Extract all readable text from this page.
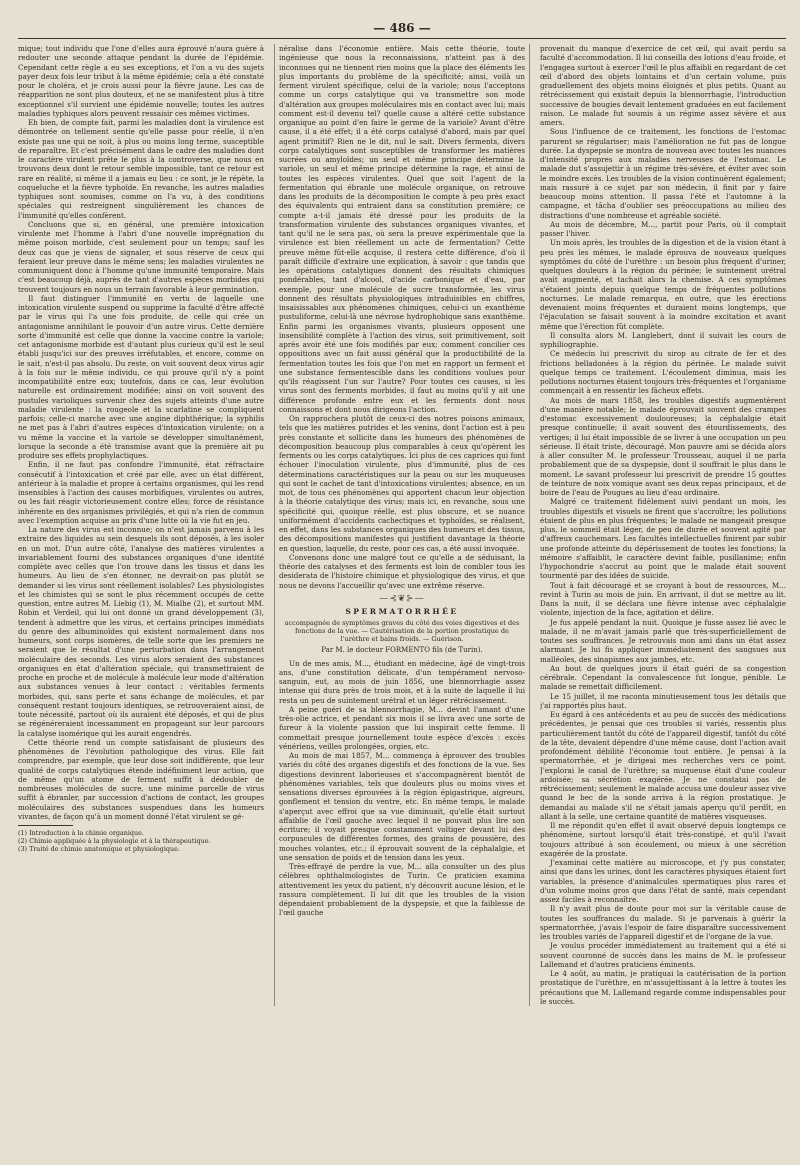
— 486 —

mique; tout individu que l'one d'elles aura éprouvé n'aura guère à redouter une seconde attaque pendant la durée de l'épidémie. Cependant cette règle a eu ses exceptions, et l'on a vu des sujets payer deux fois leur tribut à la même épidémie; cela a été constaté pour le choléra, et je crois aussi pour la fièvre jaune. Les cas de réapparition ne sont plus douteux, et ne se manifestent plus à titre exceptionnel s'il survient une épidémie nouvelle; toutes les autres maladies typhiques alors peuvent ressaisir ces mêmes victimes.

Eh bien, de compte fait, parmi les maladies dont la virulence est démontrée on tellement sentie qu'elle passe pour réelle, il n'en existe pas une qui ne soit, à plus ou moins long terme, susceptible de reparaître. Et c'est précisément dans le cadre des maladies dont le caractère virulent prête le plus à la controverse, que nous en trouvons deux dont le retour semble impossible, tant ce retour est rare en réalité, si même il a jamais eu lieu : ce sont, je le répète, la coqueluche et la fièvre typhoïde. En revanche, les autres maladies typhiques sont soumises, comme on l'a vu, à des conditions spéciales qui restreignent singulièrement les chances de l'immunité qu'elles confèrent.

Concluons que si, en général, une première intoxication virulente met l'homme à l'abri d'une nouvelle imprégnation du même poison morbide, c'est seulement pour un temps; sauf les deux cas que je viens de signaler, et sous réserve de ceux qui feraient leur preuve dans le même sens; les maladies virulentes ne communiquent donc à l'homme qu'une immunité temporaire. Mais c'est beaucoup déjà, auprès de tant d'autres espèces morbides qui trouvent toujours en nous un terrain favorable à leur germination.

Il faut distinguer l'immunité en vertu de laquelle une intoxication virulente suspend ou supprime la faculté d'être affecté par le virus qui l'a une fois produite, de celle qui crée un antagonisme annihilant le pouvoir d'un autre virus. Cette dernière sorte d'immunité est celle que donne la vaccine contre la variole; cet antagonisme morbide est d'autant plus curieux qu'il est le seul établi jusqu'ici sur des preuves irréfutables, et encore, comme on le sait, n'est-il pas absolu. Du reste, on voit souvent deux virus agir à la fois sur le même individu, ce qui prouve qu'il n'y a point incompatibilité entre eux; toutefois, dans ce cas, leur évolution naturelle est ordinairement modifiée; ainsi on voit souvent des pustules varioliques survenir chez des sujets atteints d'une autre maladie virulente : la rougeole et la scarlatine se compliquent parfois; celle-ci marche avec une angine diphthérique; la syphilis ne met pas à l'abri d'autres espèces d'intoxication virulente; on a vu même la vaccine et la variole se développer simultanément, lorsque la seconde a été transmise avant que la première ait pu produire ses effets prophylactiques.

Enfin, il ne faut pas confondre l'immunité, état réfractaire consécutif à l'intoxication et créé par elle, avec un état différent, antérieur à la maladie et propre à certains organismes, qui les rend insensibles à l'action des causes morbifiques, virulentes ou autres, ou les fait réagir victorieusement contre elles; force de résistance inhérente en des organismes privilégiés, et qui n'a rien de commun avec l'exemption acquise au prix d'une lutte où la vie fut en jeu.

La nature des virus est inconnue; on n'est jamais parvenu à les extraire des liquides au sein desquels ils sont déposés, à les isoler en un mot. D'un autre côté, l'analyse des matières virulentes a invariablement fourni des substances organiques d'une identité complète avec celles que l'on trouve dans les tissus et dans les humeurs. Au lieu de s'en étonner, ne devrait-on pas plutôt se demander si les virus sont réellement isolables? Les physiologistes et les chimistes qui se sont le plus récemment occupés de cette question, entre autres M. Liebig (1), M. Mialhe (2), et surtout MM. Robin et Verdeil, qui lui ont donné un grand développement (3), tendent à admettre que les virus, et certains principes immédiats du genre des albuminoïdes qui existent normalement dans nos humeurs, sont corps isomères, de telle sorte que les premiers ne seraient que le résultat d'une perturbation dans l'arrangement moléculaire des seconds. Les virus alors seraient des substances organiques en état d'altération spéciale, qui transmettraient de proche en proche et de molécule à molécule leur mode d'altération aux substances venues à leur contact : véritables ferments morbides, qui, sans perte et sans échange de molécules, et par conséquent restant toujours identiques, se retrouveraient ainsi, de toute nécessité, partout où ils auraient été déposés, et qui de plus se régénéreraient incessamment en propageant sur leur parcours la catalyse isomérique qui les aurait engendrés.

Cette théorie rend un compte satisfaisant de plusieurs des phénomènes de l'évolution pathologique des virus. Elle fait comprendre, par exemple, que leur dose soit indifférente, que leur qualité de corps catalytiques étende indéfiniment leur action, que de même qu'un atome de ferment suffit à dédoubler de nombreuses molécules de sucre, une minime parcelle de virus suffit à ébranler, par succession d'actions de contact, les groupes moléculaires des substances suspendues dans les humeurs vivantes, de façon qu'à un moment donné l'état virulent se gé-

(1) Introduction à la chimie organique.
(2) Chimie appliquée à la physiologie et à la thérapeutique.
(3) Traité de chimie anatomique et physiologique.

néralise dans l'économie entière. Mais cette théorie, toute ingénieuse que nous la reconnaissions, n'atteint pas à des inconnues qui ne tiennent rien moins que la place des éléments les plus importants du problème de la spécificité; ainsi, voilà un ferment virulent spécifique, celui de la variole; nous l'acceptons comme un corps catalytique qui va transmettre son mode d'altération aux groupes moléculaires mis en contact avec lui; mais comment est-il devenu tel? quelle cause a altéré cette substance organique au point d'en faire le germe de la variole? Avant d'être cause, il a été effet; il a été corps catalysé d'abord, mais par quel agent primitif? Rien ne le dit, nul le sait. Divers ferments, divers corps catalytiques sont susceptibles de transformer les matières sucrées ou amyloïdes; un seul et même principe détermine la variole, un seul et même principe détermine la rage, et ainsi de toutes les espèces virulentes. Quel que soit l'agent de la fermentation qui ébranle une molécule organique, on retrouve dans les produits de la décomposition le compte à peu près exact des équivalents qui entraient dans sa constitution première; ce compte a-t-il jamais été dressé pour les produits de la transformation virulente des substances organiques vivantes, et tant qu'il ne le sera pas, où sera la preuve expérimentale que la virulence est bien réellement un acte de fermentation? Cette preuve même fût-elle acquise, il restera cette différence, d'où il paraît difficile d'extraire une explication, à savoir : que tandis que les opérations catalytiques donnent des résultats chimiques pondérables, tant d'alcool, d'acide carbonique et d'eau, par exemple, pour une molécule de sucre transformée, les virus donnent des résultats physiologiques intraduisibles en chiffres, insaisissables aux phénomènes chimiques, celui-ci un exanthème pustuliforme, celui-là une névrose hydrophobique sans exanthème. Enfin parmi les organismes vivants, plusieurs opposent une insensibilité complète à l'action des virus, soit primitivement, soit après avoir été une fois modifiés par eux; comment concilier ces oppositions avec un fait aussi général que la productibilité de la fermentation toutes les fois que l'on met en rapport un ferment et une substance fermentescible dans les conditions voulues pour qu'ils réagissent l'un sur l'autre? Pour toutes ces causes, si les virus sont des ferments morbides, il faut au moins qu'il y ait une différence profonde entre eux et les ferments dont nous connaissons et dont nous dirigeons l'action.

On rapprochera plutôt de ceux-ci des notres poisons animaux, tels que les matières putrides et les venins, dont l'action est à peu près constante et sollicite dans les humeurs des phénomènes de décomposition beaucoup plus comparables à ceux qu'opèrent les ferments ou les corps catalytiques. Ici plus de ces caprices qui font échouer l'inoculation virulente, plus d'immunité, plus de ces déterminations caractéristiques sur la peau ou sur les muqueuses qui sont le cachet de tant d'intoxications virulentes; absence, en un mot, de tous ces phénomènes qui apportent chacun leur objection à la théorie catalytique des virus; mais ici, en revanche, sous une spécificité qui, quoique réelle, est plus obscure, et se nuance uniformément d'accidents cachectiques et typhoïdes, se réalisent, en effet, dans les substances organiques des humeurs et des tissus, des décompositions manifestes qui justifient davantage la théorie en question, laquelle, du reste, pour ces cas, a été aussi invoquée.

Convenons donc une malgré tout ce qu'elle a de séduisant, la théorie des catalyses et des ferments est loin de combler tous les desiderata de l'histoire chimique et physiologique des virus, et que nous ne devons l'accueillir qu'avec une extrême réserve.

—⊰❦⊱—
SPERMATORRHÉE
accompagnée de symptômes graves du côté des voies digestives et des fonctions de la vue. — Cautérisation de la portion prostatique de l'urèthre et bains froids. — Guérison.
Par M. le docteur FORMENTO fils (de Turin).

Un de mes amis, M..., étudiant en médecine, âgé de vingt-trois ans, d'une constitution délicate, d'un tempérament nervoso-sanguin, eut, au mois de juin 1856, une blennorrhagie assez intense qui dura près de trois mois, et à la suite de laquelle il lui resta un peu de suintement urétral et un léger rétrécissement.

A peine guéri de sa blennorrhagie, M... devint l'amant d'une très-olie actrice, et pendant six mois il se livra avec une sorte de fureur à la violente passion que lui inspirait cette femme. Il commettait presque journellement toute espèce d'excès : excès vénériens, veilles prolongées, orgies, etc.

Au mois de mai 1857, M... commença à éprouver des troubles variés du côté des organes digestifs et des fonctions de la vue. Ses digestions devinrent laborieuses et s'accompagnèrent bientôt de phénomènes variables, tels que douleurs plus ou moins vives et sensations diverses éprouvées à la région épigastrique, aigreurs, gonflement et tension du ventre, etc. En même temps, le malade s'aperçut avec effroi que sa vue diminuait, qu'elle était surtout affaiblie de l'œil gauche avec lequel il ne pouvait plus lire son écriture; il voyait presque constamment voltiger devant lui des corpuscules de différentes formes, des grains de poussière, des mouches volantes, etc.; il éprouvait souvent de la céphalalgie, et une sensation de poids et de tension dans les yeux.

Très-effrayé de perdre la vue, M... alla consulter un des plus célèbres ophthalmologistes de Turin. Ce praticien examina attentivement les yeux du patient, n'y découvrit aucune lésion, et le rassura complètement. Il lui dit que les troubles de la vision dépendaient probablement de la dyspepsie, et que la faiblesse de l'œil gauche

provenait du manque d'exercice de cet œil, qui avait perdu sa faculté d'accommodation. Il lui conseilla des lotions d'eau froide, et l'engagea surtout à exercer l'œil le plus affaibli en regardant de cet œil d'abord des objets lointains et d'un certain volume, puis graduellement des objets moins éloignés et plus petits. Quant au rétrécissement qui existait depuis la blennorrhagie, l'introduction successive de bougies devait lentement graduées en eut facilement raison. Le malade fut soumis à un régime assez sévère et aux amers.

Sous l'influence de ce traitement, les fonctions de l'estomac parurent se régulariser; mais l'amélioration ne fut pas de longue durée. La dyspepsie se montra de nouveau avec toutes les nuances d'intensité propres aux maladies nerveuses de l'estomac. Le malade dut s'assujettir à un régime très-sévère, et éviter avec soin le moindre excès. Les troubles de la vision continuèrent également; mais rassuré à ce sujet par son médecin, il finit par y faire beaucoup moins attention. Il passa l'été et l'automne à la campagne, et tâcha d'oublier ses préoccupations au milieu des distractions d'une nombreuse et agréable société.

Au mois de décembre, M..., partit pour Paris, où il comptait passer l'hiver.

Un mois après, les troubles de la digestion et de la vision étant à peu près les mêmes, le malade éprouva de nouveaux quelques symptômes du côté de l'urèthre : un besoin plus fréquent d'uriner, quelques douleurs à la région du périnée; le suintement urétral avait augmenté, et tachait alors la chemise. A ces symptômes s'étaient joints depuis quelque temps de fréquentes pollutions nocturnes. Le malade remarqua, en outre, que les érections devenaient moins fréquentes et duraient moins longtemps, que l'éjaculation se faisait souvent à la moindre excitation et avant même que l'érection fût complète.

Il consulta alors M. Langlebert, dont il suivait les cours de syphiliographie.

Ce médecin lui prescrivit du sirop au citrate de fer et des frictions belladonées à la région du périnée. Le malade suivit quelque temps ce traitement. L'écoulement diminua, mais les pollutions nocturnes étaient toujours très-fréquentes et l'organisme commençait à en ressentir les fâcheux effets.

Au mois de mars 1858, les troubles digestifs augmentèrent d'une manière notable; le malade éprouvait souvent des crampes d'estomac excessivement douloureuses; la céphalalgie était presque continuelle; il avait souvent des étourdissements, des vertiges; il lui était impossible de se livrer à une occupation un peu sérieuse. Il était triste, découragé. Mon pauvre ami se décida alors à aller consulter M. le professeur Trousseau, auquel il ne parla probablement que de sa dyspepsie, dont il souffrait le plus dans le moment. Le savant professeur lui prescrivit de prendre 15 gouttes de teinture de noix vomique avant ses deux repas principaux, et de boire de l'eau de Pougues au lieu d'eau ordinaire.

Malgré ce traitement fidèlement suivi pendant un mois, les troubles digestifs et visuels ne firent que s'accroître; les pollutions étaient de plus en plus fréquentes; le malade ne mangeait presque plus, le sommeil était léger, de peu de durée et souvent agité par d'affreux cauchemars. Les facultés intellectuelles finirent par subir une profonde atteinte du dépérissement de toutes les fonctions; la mémoire s'affaiblit, le caractère devint faible, pusillanime; enfin l'hypochondrie s'accrut au point que le malade était souvent tourmenté par des idées de suicide.

Tout à fait découragé et se croyant à bout de ressources, M... revint à Turin au mois de juin. En arrivant, il dut se mettre au lit. Dans la nuit, il se déclara une fièvre intense avec céphalalgie violente, injection de la face, agitation et délire.

Je fus appelé pendant la nuit. Quoique je fusse assez lié avec le malade, il ne m'avait jamais parlé que très-superficiellement de toutes ses souffrances. Je retrouvais mon ami dans un état assez alarmant. Je lui fis appliquer immédiatement des sangsues aux malléoles, des sinapismes aux jambes, etc.

Au bout de quelques jours il était guéri de sa congestion cérébrale. Cependant la convalescence fut longue, pénible. Le malade se remettait difficilement.

Le 15 juillet, il me raconta minutieusement tous les détails que j'ai rapportés plus haut.

Eu égard à ces antécédents et au peu de succès des médications précédentes, je pensai que ces troubles si variés, ressentis plus particulièrement tantôt du côté de l'appareil digestif, tantôt du côté de la tête, devaient dépendre d'une même cause, dont l'action avait profondément débilité l'économie tout entière. Je pensai à la spermatorrhée, et je dirigeai mes recherches vers ce point. J'explorai le canal de l'urèthre; sa muqueuse était d'une couleur ardoisée; sa sécrétion exagérée. Je ne constatai pas de rétrécissement; seulement le malade accusa une douleur assez vive quand le bec de la sonde arriva à la région prostatique. Je demandai au malade s'il ne s'était jamais aperçu qu'il perdît, en allant à la selle, une certaine quantité de matières visqueuses.

Il me répondit qu'en effet il avait observé depuis longtemps ce phénomène, surtout lorsqu'il était très-constipé, et qu'il l'avait toujours attribué à son écoulement, ou mieux à une sécrétion exagérée de la prostate.

J'examinai cette matière au microscope, et j'y pus constater, ainsi que dans les urines, dont les caractères physiques étaient fort variables, la présence d'animalcules spermatiques plus rares et d'un volume moins gros que dans l'état de santé, mais cependant assez faciles à reconnaître.

Il n'y avait plus de doute pour moi sur la véritable cause de toutes les souffrances du malade. Si je parvenais à guérir la spermatorrhée, j'avais l'espoir de faire disparaître successivement les troubles variés de l'appareil digestif et de l'organe de la vue.

Je voulus procéder immédiatement au traitement qui a été si souvent couronné de succès dans les mains de M. le professeur Lallemand et d'autres praticiens éminents.

Le 4 août, au matin, je pratiquai la cautérisation de la portion prostatique de l'urèthre, en m'assujettissant à la lettre à toutes les précautions que M. Lallemand regarde comme indispensables pour le succès.
